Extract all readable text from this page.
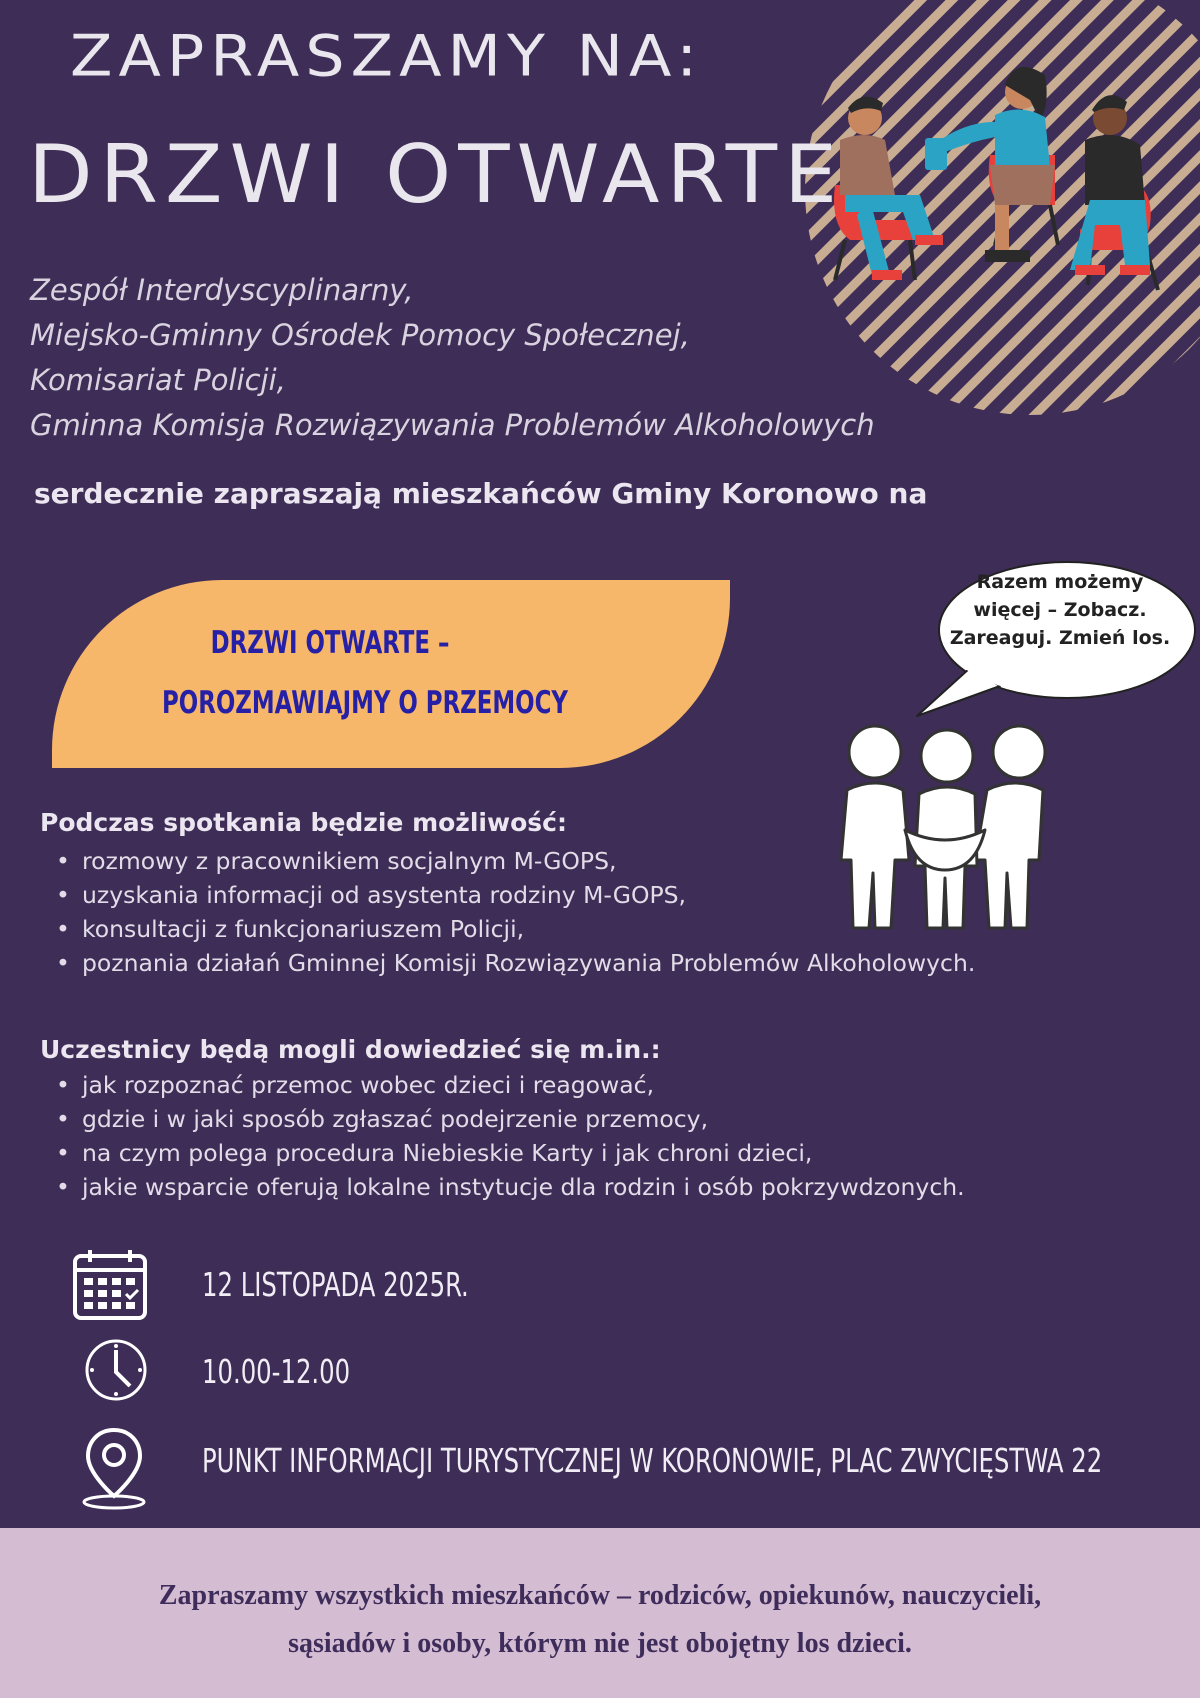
ZAPRASZAMY NA:
DRZWI OTWARTE
Zespół Interdyscyplinarny,
Miejsko-Gminny Ośrodek Pomocy Społecznej,
Komisariat Policji,
Gminna Komisja Rozwiązywania Problemów Alkoholowych
serdecznie zapraszają mieszkańców Gminy Koronowo na
DRZWI OTWARTE –
POROZMAWIAJMY O PRZEMOCY
Razem możemy więcej – Zobacz. Zareaguj. Zmień los.
Podczas spotkania będzie możliwość:
• rozmowy z pracownikiem socjalnym M-GOPS,
• uzyskania informacji od asystenta rodziny M-GOPS,
• konsultacji z funkcjonariuszem Policji,
• poznania działań Gminnej Komisji Rozwiązywania Problemów Alkoholowych.
Uczestnicy będą mogli dowiedzieć się m.in.:
• jak rozpoznać przemoc wobec dzieci i reagować,
• gdzie i w jaki sposób zgłaszać podejrzenie przemocy,
• na czym polega procedura Niebieskie Karty i jak chroni dzieci,
• jakie wsparcie oferują lokalne instytucje dla rodzin i osób pokrzywdzonych.
12 LISTOPADA 2025R.
10.00-12.00
PUNKT INFORMACJI TURYSTYCZNEJ W KORONOWIE, PLAC ZWYCIĘSTWA 22
Zapraszamy wszystkich mieszkańców – rodziców, opiekunów, nauczycieli,
sąsiadów i osoby, którym nie jest obojętny los dzieci.
